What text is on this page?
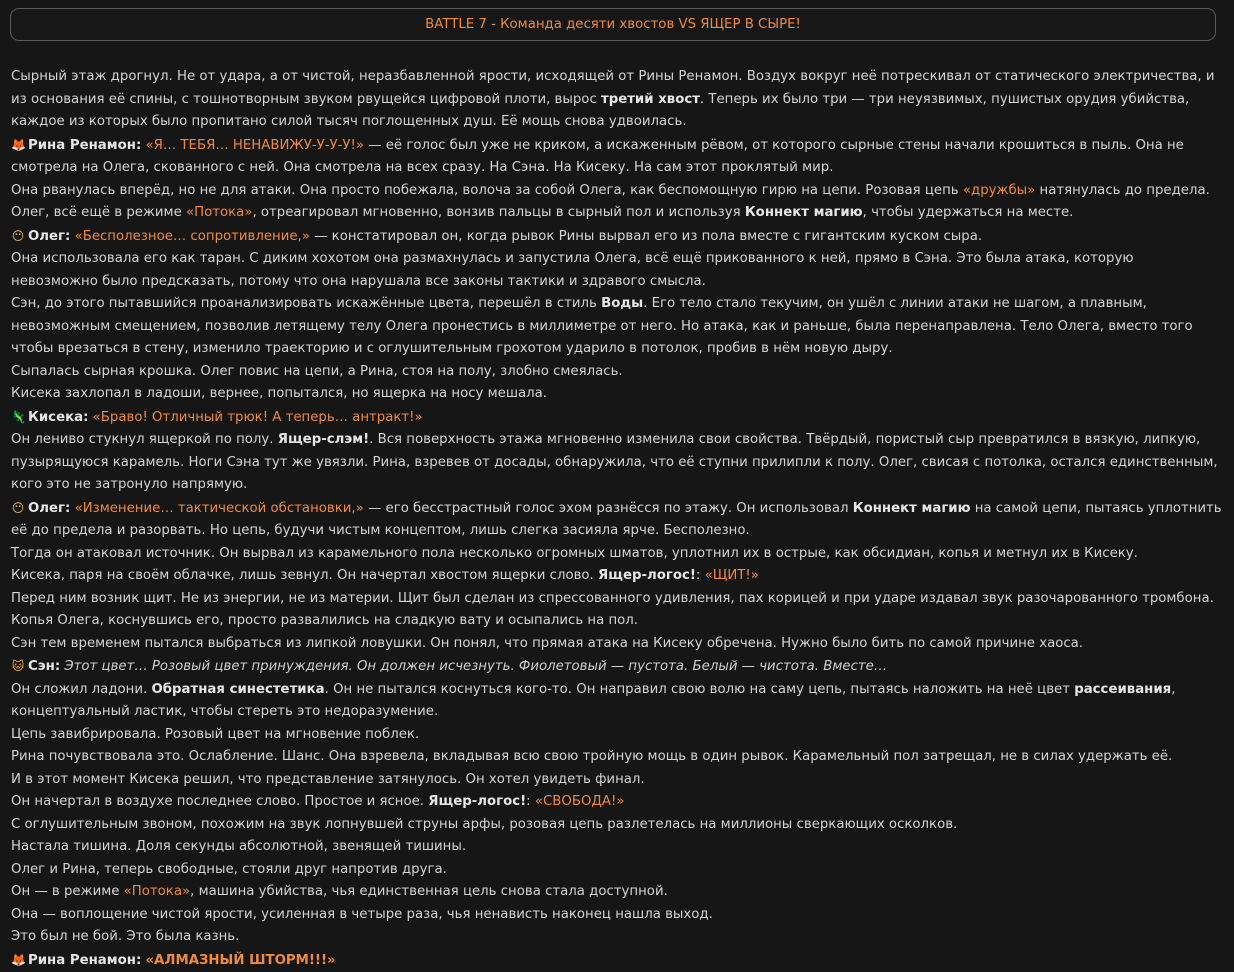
BATTLE 7 - Команда десяти хвостов VS ЯЩЕР В СЫРЕ!
Сырный этаж дрогнул. Не от удара, а от чистой, неразбавленной ярости, исходящей от Рины Ренамон. Воздух вокруг неё потрескивал от статического электричества, и из основания её спины, с тошнотворным звуком рвущейся цифровой плоти, вырос третий хвост. Теперь их было три — три неуязвимых, пушистых орудия убийства, каждое из которых было пропитано силой тысяч поглощенных душ. Её мощь снова удвоилась.
🦊 Рина Ренамон: «Я… ТЕБЯ… НЕНАВИЖУ-У-У-У!» — её голос был уже не криком, а искаженным рёвом, от которого сырные стены начали крошиться в пыль. Она не смотрела на Олега, скованного с ней. Она смотрела на всех сразу. На Сэна. На Кисеку. На сам этот проклятый мир.
Она рванулась вперёд, но не для атаки. Она просто побежала, волоча за собой Олега, как беспомощную гирю на цепи. Розовая цепь «дружбы» натянулась до предела. Олег, всё ещё в режиме «Потока», отреагировал мгновенно, вонзив пальцы в сырный пол и используя Коннект магию, чтобы удержаться на месте.
😶 Олег: «Бесполезное… сопротивление,» — констатировал он, когда рывок Рины вырвал его из пола вместе с гигантским куском сыра.
Она использовала его как таран. С диким хохотом она размахнулась и запустила Олега, всё ещё прикованного к ней, прямо в Сэна. Это была атака, которую невозможно было предсказать, потому что она нарушала все законы тактики и здравого смысла.
Сэн, до этого пытавшийся проанализировать искажённые цвета, перешёл в стиль Воды. Его тело стало текучим, он ушёл с линии атаки не шагом, а плавным, невозможным смещением, позволив летящему телу Олега пронестись в миллиметре от него. Но атака, как и раньше, была перенаправлена. Тело Олега, вместо того чтобы врезаться в стену, изменило траекторию и с оглушительным грохотом ударило в потолок, пробив в нём новую дыру.
Сыпалась сырная крошка. Олег повис на цепи, а Рина, стоя на полу, злобно смеялась.
Кисека захлопал в ладоши, вернее, попытался, но ящерка на носу мешала.
🦎 Кисека: «Браво! Отличный трюк! А теперь… антракт!»
Он лениво стукнул ящеркой по полу. Ящер-слэм!. Вся поверхность этажа мгновенно изменила свои свойства. Твёрдый, пористый сыр превратился в вязкую, липкую, пузырящуюся карамель. Ноги Сэна тут же увязли. Рина, взревев от досады, обнаружила, что её ступни прилипли к полу. Олег, свисая с потолка, остался единственным, кого это не затронуло напрямую.
😶 Олег: «Изменение… тактической обстановки,» — его бесстрастный голос эхом разнёсся по этажу. Он использовал Коннект магию на самой цепи, пытаясь уплотнить её до предела и разорвать. Но цепь, будучи чистым концептом, лишь слегка засияла ярче. Бесполезно.
Тогда он атаковал источник. Он вырвал из карамельного пола несколько огромных шматов, уплотнил их в острые, как обсидиан, копья и метнул их в Кисеку.
Кисека, паря на своём облачке, лишь зевнул. Он начертал хвостом ящерки слово. Ящер-логос!: «ЩИТ!»
Перед ним возник щит. Не из энергии, не из материи. Щит был сделан из спрессованного удивления, пах корицей и при ударе издавал звук разочарованного тромбона. Копья Олега, коснувшись его, просто развалились на сладкую вату и осыпались на пол.
Сэн тем временем пытался выбраться из липкой ловушки. Он понял, что прямая атака на Кисеку обречена. Нужно было бить по самой причине хаоса.
🐱 Сэн: Этот цвет… Розовый цвет принуждения. Он должен исчезнуть. Фиолетовый — пустота. Белый — чистота. Вместе…
Он сложил ладони. Обратная синестетика. Он не пытался коснуться кого-то. Он направил свою волю на саму цепь, пытаясь наложить на неё цвет рассеивания, концептуальный ластик, чтобы стереть это недоразумение.
Цепь завибрировала. Розовый цвет на мгновение поблек.
Рина почувствовала это. Ослабление. Шанс. Она взревела, вкладывая всю свою тройную мощь в один рывок. Карамельный пол затрещал, не в силах удержать её.
И в этот момент Кисека решил, что представление затянулось. Он хотел увидеть финал.
Он начертал в воздухе последнее слово. Простое и ясное. Ящер-логос!: «СВОБОДА!»
С оглушительным звоном, похожим на звук лопнувшей струны арфы, розовая цепь разлетелась на миллионы сверкающих осколков.
Настала тишина. Доля секунды абсолютной, звенящей тишины.
Олег и Рина, теперь свободные, стояли друг напротив друга.
Он — в режиме «Потока», машина убийства, чья единственная цель снова стала доступной.
Она — воплощение чистой ярости, усиленная в четыре раза, чья ненависть наконец нашла выход.
Это был не бой. Это была казнь.
🦊 Рина Ренамон: «АЛМАЗНЫЙ ШТОРМ!!!»
